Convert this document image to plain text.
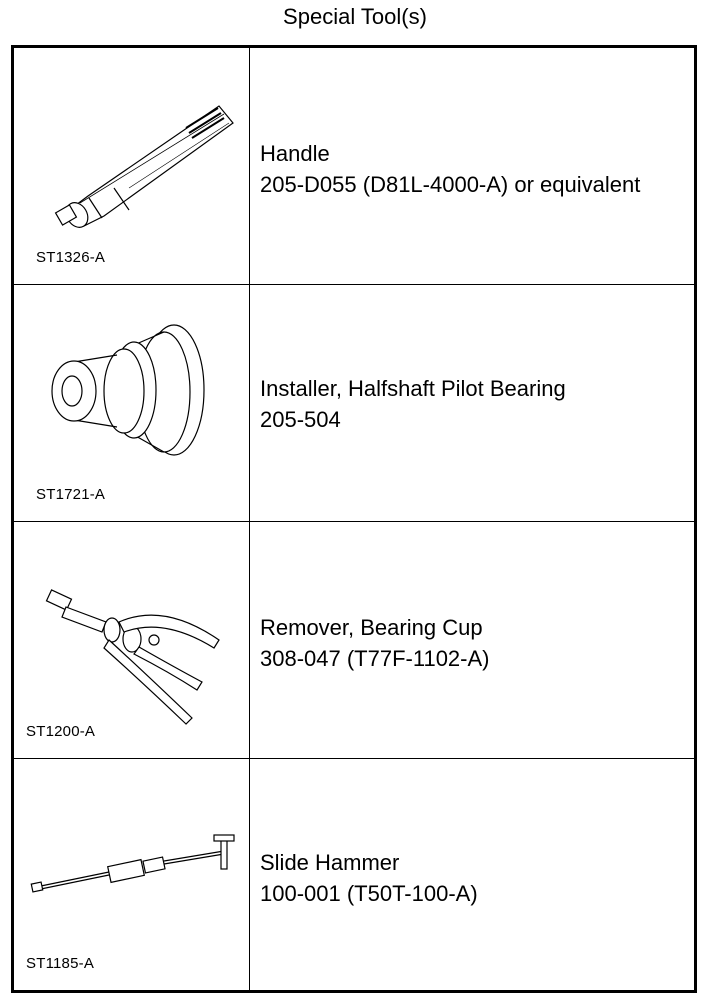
Special Tool(s)
ST1326-A
Handle
205-D055 (D81L-4000-A) or equivalent
ST1721-A
Installer, Halfshaft Pilot Bearing
205-504
ST1200-A
Remover, Bearing Cup
308-047 (T77F-1102-A)
ST1185-A
Slide Hammer
100-001 (T50T-100-A)
